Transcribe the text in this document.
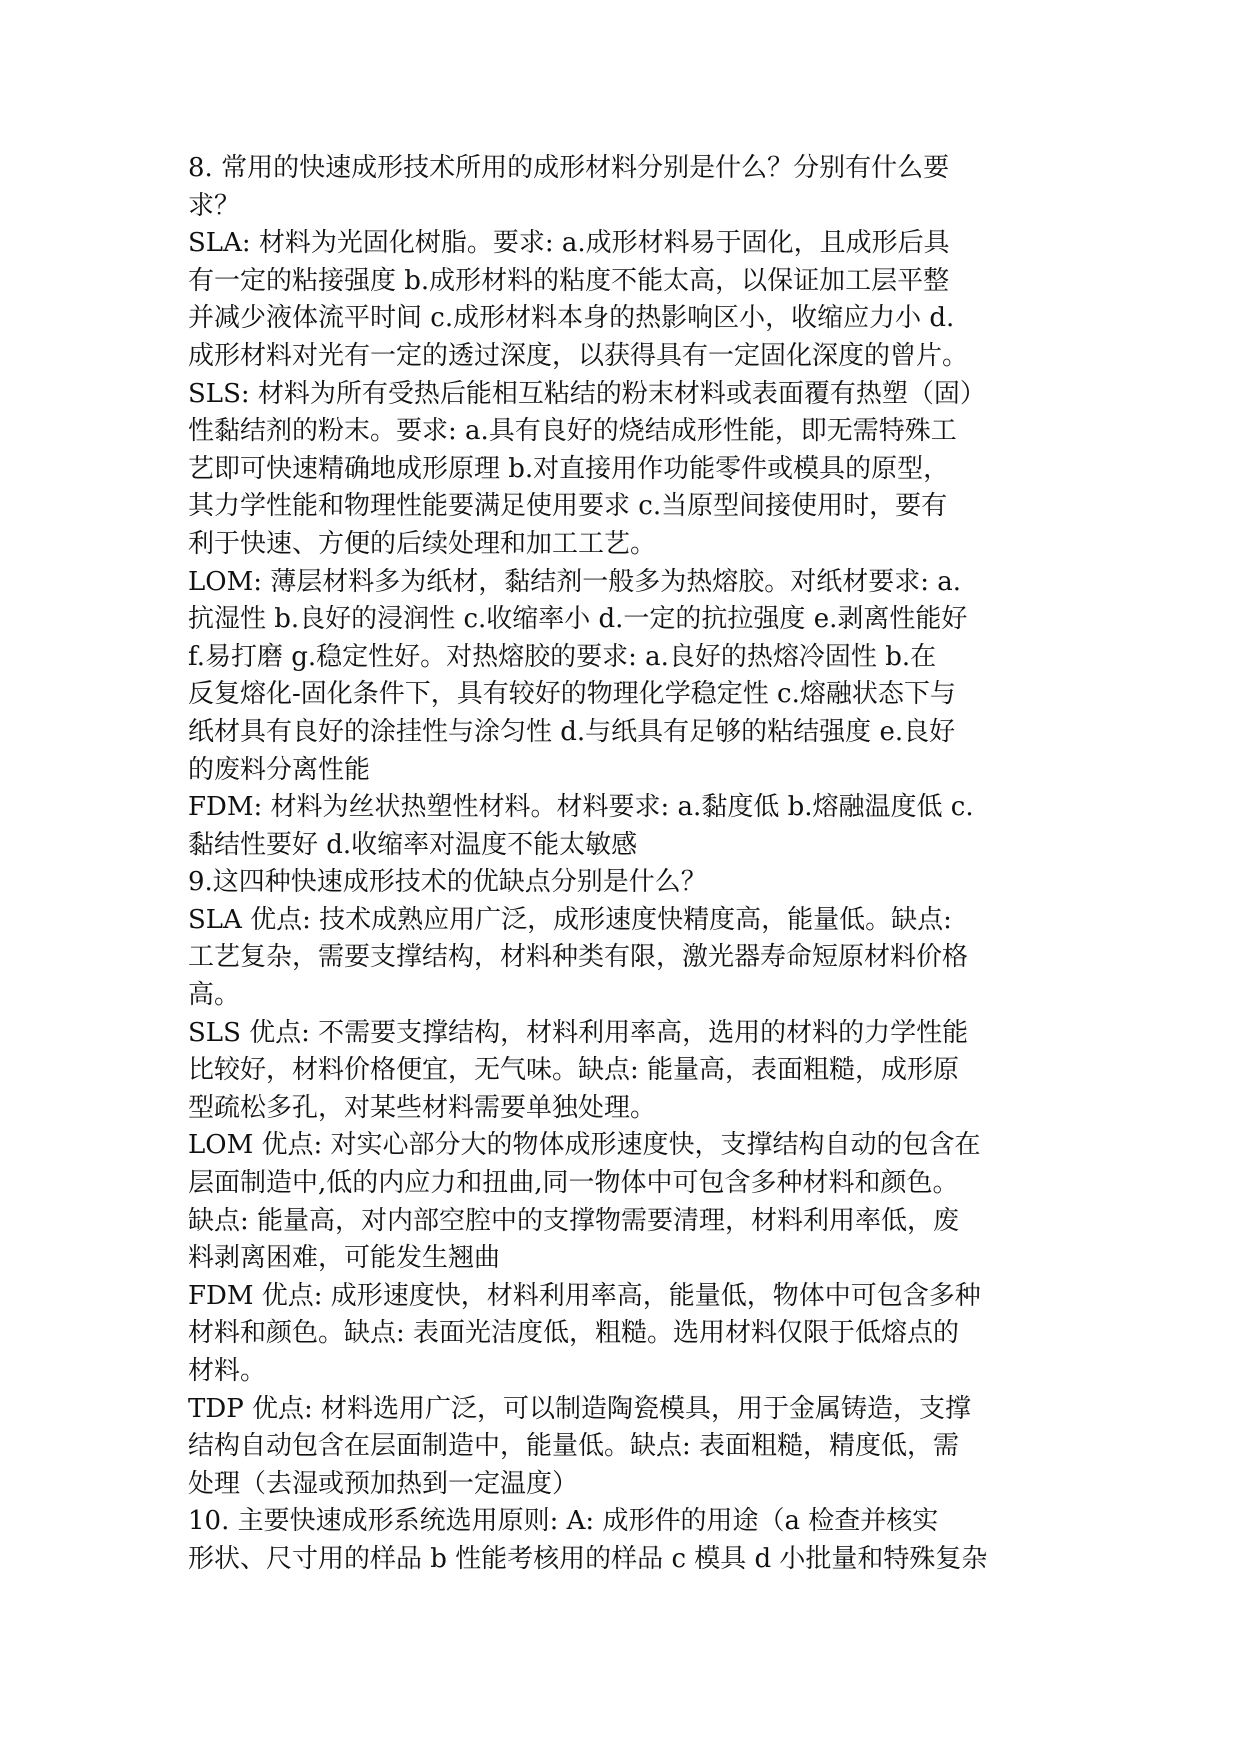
8. 常用的快速成形技术所用的成形材料分别是什么？分别有什么要
求？
SLA: 材料为光固化树脂。要求: a.成形材料易于固化，且成形后具
有一定的粘接强度 b.成形材料的粘度不能太高，以保证加工层平整
并减少液体流平时间 c.成形材料本身的热影响区小，收缩应力小 d.
成形材料对光有一定的透过深度，以获得具有一定固化深度的曾片。
SLS: 材料为所有受热后能相互粘结的粉末材料或表面覆有热塑（固）
性黏结剂的粉末。要求: a.具有良好的烧结成形性能，即无需特殊工
艺即可快速精确地成形原理 b.对直接用作功能零件或模具的原型，
其力学性能和物理性能要满足使用要求 c.当原型间接使用时，要有
利于快速、方便的后续处理和加工工艺。
LOM: 薄层材料多为纸材，黏结剂一般多为热熔胶。对纸材要求: a.
抗湿性 b.良好的浸润性 c.收缩率小 d.一定的抗拉强度 e.剥离性能好
f.易打磨 g.稳定性好。对热熔胶的要求: a.良好的热熔冷固性 b.在
反复熔化-固化条件下，具有较好的物理化学稳定性 c.熔融状态下与
纸材具有良好的涂挂性与涂匀性 d.与纸具有足够的粘结强度 e.良好
的废料分离性能
FDM: 材料为丝状热塑性材料。材料要求: a.黏度低 b.熔融温度低 c.
黏结性要好 d.收缩率对温度不能太敏感
9.这四种快速成形技术的优缺点分别是什么？
SLA 优点: 技术成熟应用广泛，成形速度快精度高，能量低。缺点:
工艺复杂，需要支撑结构，材料种类有限，激光器寿命短原材料价格
高。
SLS 优点: 不需要支撑结构，材料利用率高，选用的材料的力学性能
比较好，材料价格便宜，无气味。缺点: 能量高，表面粗糙，成形原
型疏松多孔，对某些材料需要单独处理。
LOM 优点: 对实心部分大的物体成形速度快，支撑结构自动的包含在
层面制造中,低的内应力和扭曲,同一物体中可包含多种材料和颜色。
缺点: 能量高，对内部空腔中的支撑物需要清理，材料利用率低，废
料剥离困难，可能发生翘曲
FDM 优点: 成形速度快，材料利用率高，能量低，物体中可包含多种
材料和颜色。缺点: 表面光洁度低，粗糙。选用材料仅限于低熔点的
材料。
TDP 优点: 材料选用广泛，可以制造陶瓷模具，用于金属铸造，支撑
结构自动包含在层面制造中，能量低。缺点: 表面粗糙，精度低，需
处理（去湿或预加热到一定温度）
10. 主要快速成形系统选用原则: A: 成形件的用途（a 检查并核实
形状、尺寸用的样品 b 性能考核用的样品 c 模具 d 小批量和特殊复杂
